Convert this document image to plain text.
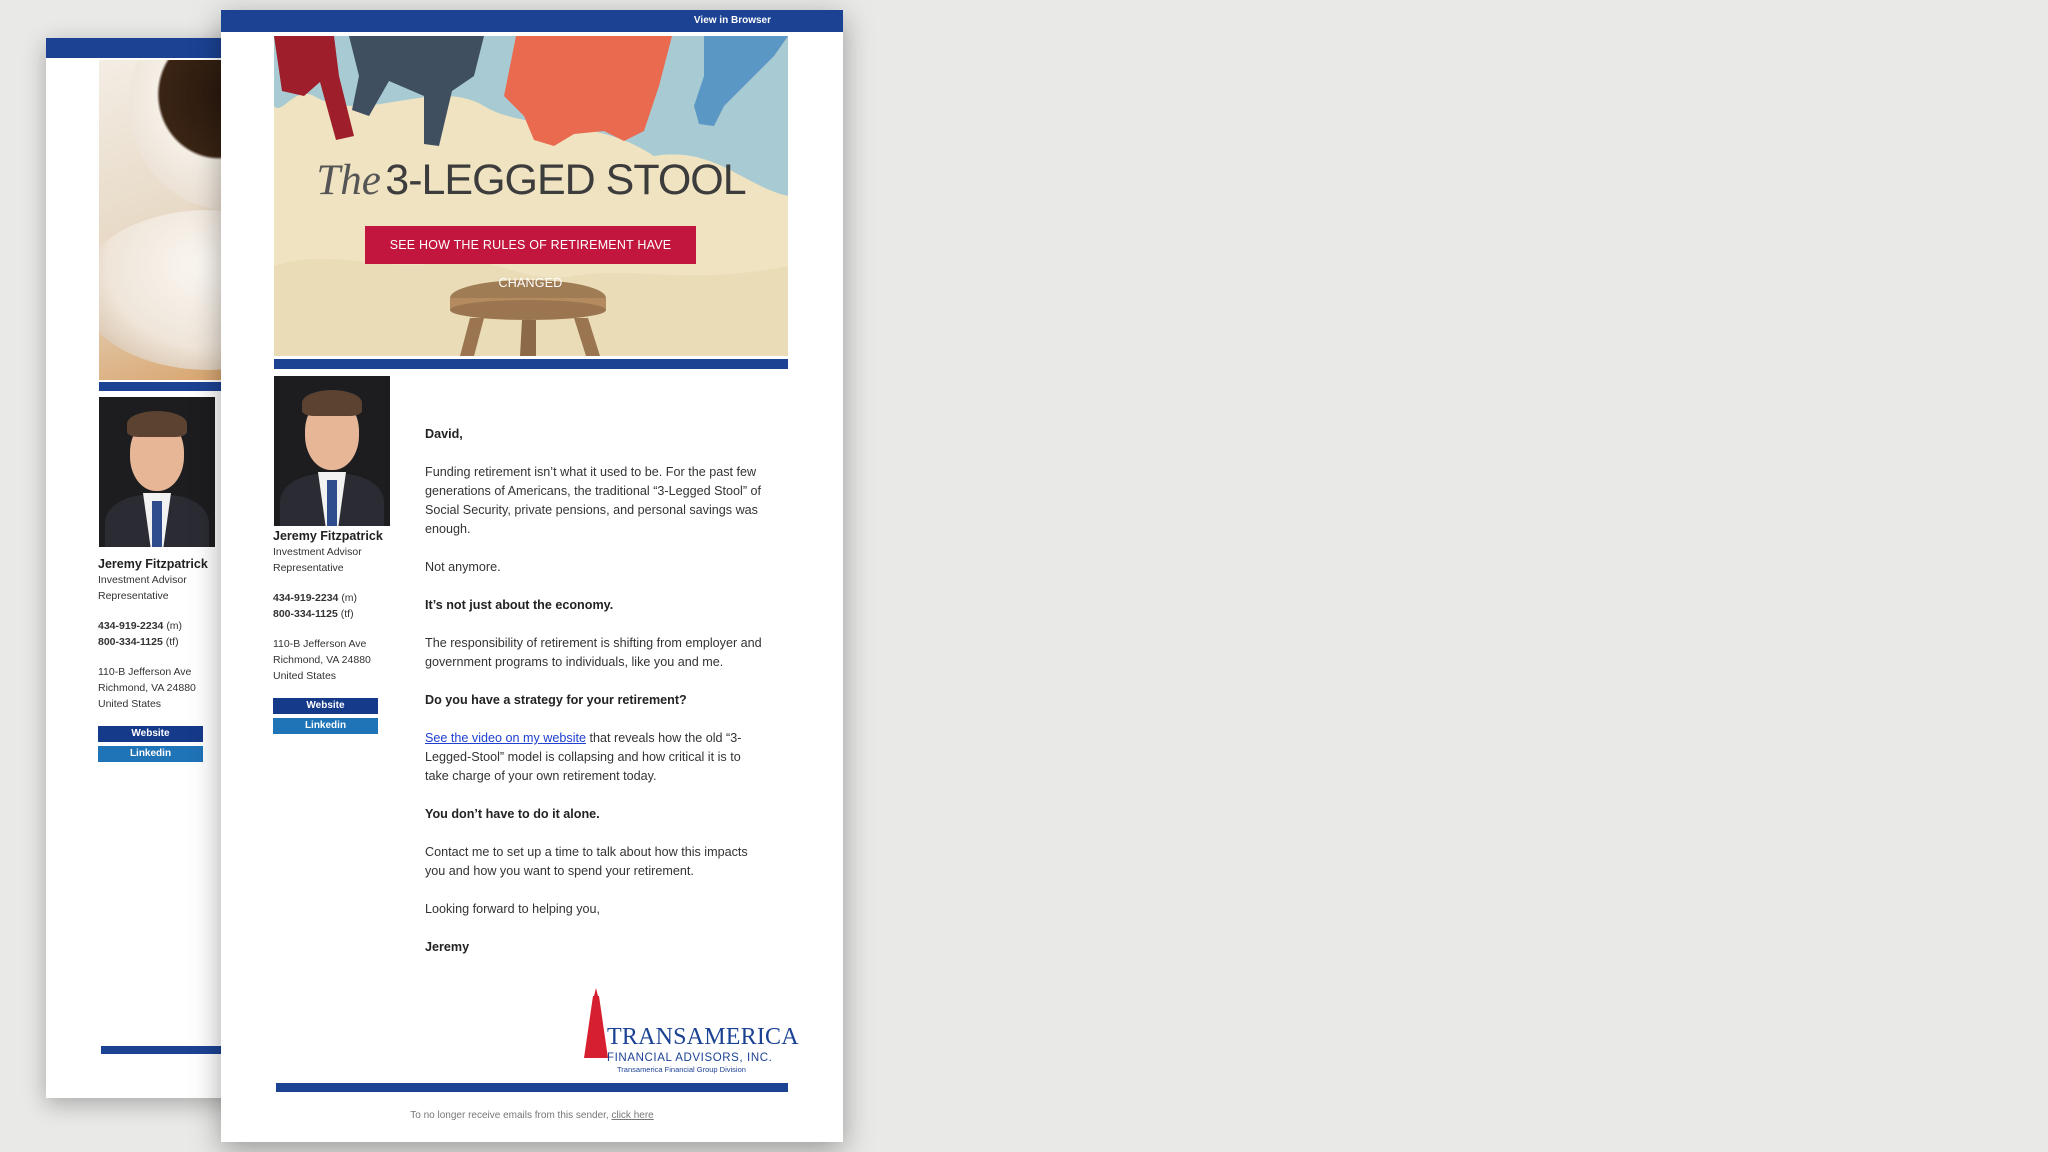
Jeremy Fitzpatrick
Investment Advisor
Representative
434-919-2234 (m)
800-334-1125 (tf)
110-B Jefferson Ave
Richmond, VA 24880
United States
Website
Linkedin
View in Browser
The 3-LEGGED STOOL
SEE HOW THE RULES OF RETIREMENT HAVE CHANGED
Jeremy Fitzpatrick
Investment Advisor
Representative
434-919-2234 (m)
800-334-1125 (tf)
110-B Jefferson Ave
Richmond, VA 24880
United States
Website
Linkedin

David,

Funding retirement isn’t what it used to be. For the past few generations of Americans, the traditional “3-Legged Stool” of Social Security, private pensions, and personal savings was enough.

Not anymore.

It’s not just about the economy.

The responsibility of retirement is shifting from employer and government programs to individuals, like you and me.

Do you have a strategy for your retirement?

See the video on my website that reveals how the old “3-Legged-Stool” model is collapsing and how critical it is to take charge of your own retirement today.

You don’t have to do it alone.

Contact me to set up a time to talk about how this impacts you and how you want to spend your retirement.

Looking forward to helping you,

Jeremy

TRANSAMERICA
FINANCIAL ADVISORS, INC.
Transamerica Financial Group Division
To no longer receive emails from this sender, click here
